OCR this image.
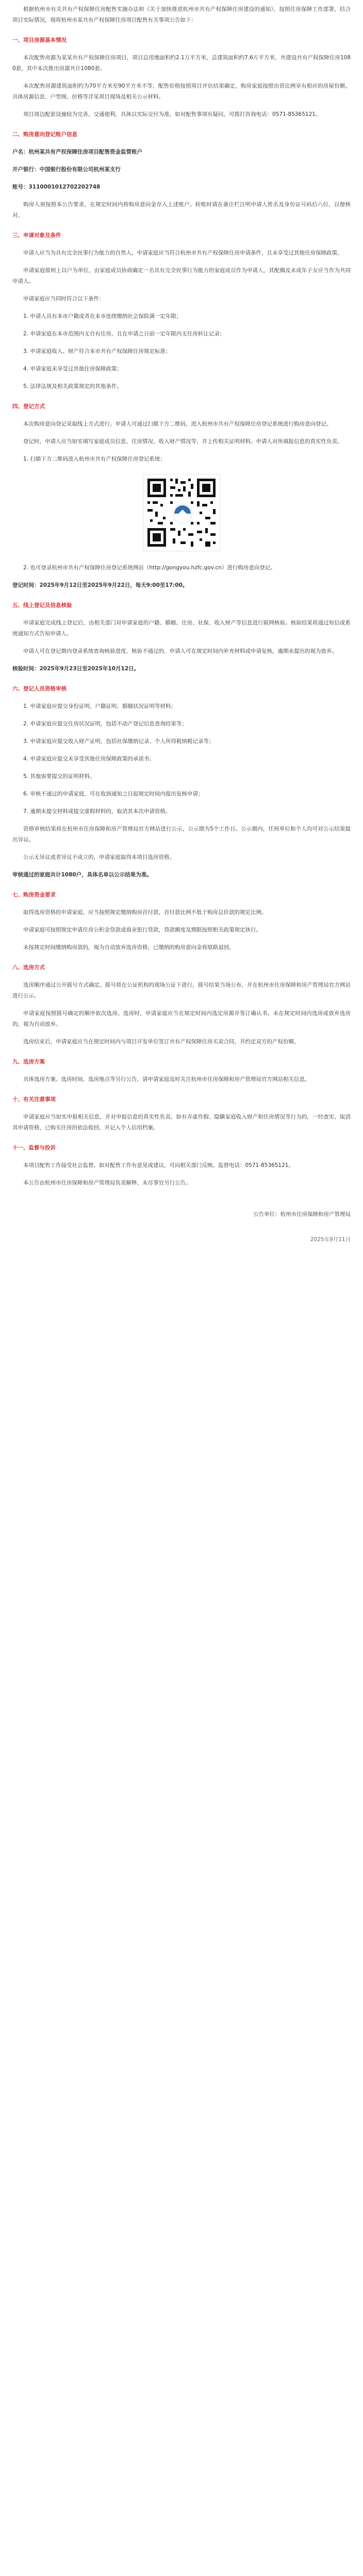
根据杭州市有关共有产权保障住房配售实施办法和《关于加快推进杭州市共有产权保障住房建设的通知》，按照住房保障工作部署，结合项目实际情况，现将杭州市某共有产权保障住房项目配售有关事项公告如下：

一、项目房源基本情况

本次配售房源为某某共有产权保障住房项目，项目总用地面积约2.1万平方米，总建筑面积约7.6万平方米，共建设共有产权保障住房1080套，其中本次推出房源共计1080套。

本次配售房源建筑面积约为70平方米至90平方米不等，配售价格按照项目评估结果确定，购房家庭按照出资比例享有相应的房屋份额。具体房源信息、户型图、价格等详见项目现场及相关公示材料。

项目周边配套设施较为完善，交通便利，具体以实际交付为准。如对配售事项有疑问，可拨打咨询电话：0571-85365121。

二、购房意向登记账户信息
户名：杭州某共有产权保障住房项目配售资金监管账户
开户银行：中国银行股份有限公司杭州某支行
账号：3110001012702202748

购房人须按照本公告要求，在规定时间内将购房意向金存入上述账户。转账时请在备注栏注明申请人姓名及身份证号码后六位，以便核对。

三、申请对象及条件

申请人应当为具有完全民事行为能力的自然人，申请家庭应当符合杭州市共有产权保障住房申请条件，且未享受过其他住房保障政策。

申请家庭原则上以户为单位，由家庭成员协商确定一名具有完全民事行为能力的家庭成员作为申请人，其配偶及未成年子女应当作为共同申请人。

申请家庭应当同时符合以下条件：

1. 申请人具有本市户籍或者在本市连续缴纳社会保险满一定年限；

2. 申请家庭在本市范围内无自有住房，且在申请之日前一定年限内无住房转让记录；

3. 申请家庭收入、财产符合本市共有产权保障住房规定标准；

4. 申请家庭未享受过其他住房保障政策；

5. 法律法规及相关政策规定的其他条件。

四、登记方式

本次购房意向登记采取线上方式进行。申请人可通过扫描下方二维码，进入杭州市共有产权保障住房登记系统进行购房意向登记。

登记时，申请人应当如实填写家庭成员信息、住房情况、收入财产情况等，并上传相关证明材料。申请人对所填报信息的真实性负责。

1. 扫描下方二维码进入杭州市共有产权保障住房登记系统：

2. 也可登录杭州市共有产权保障住房登记系统网站（http://gongyou.hzfc.gov.cn）进行购房意向登记。

登记时间：2025年9月12日至2025年9月22日，每天9:00至17:00。
五、线上登记及信息核验

申请家庭完成线上登记后，由相关部门对申请家庭的户籍、婚姻、住房、社保、收入财产等信息进行联网核验。核验结果将通过短信或系统通知方式告知申请人。

申请人可在登记期内登录系统查询核验进度，核验不通过的，申请人可在规定时间内补充材料或申请复核，逾期未提出的视为放弃。

核验时间：2025年9月23日至2025年10月12日。
六、登记人员资格审核

1. 申请家庭应提交身份证明、户籍证明、婚姻状况证明等材料；

2. 申请家庭应提交住房状况证明，包括不动产登记信息查询结果等；

3. 申请家庭应提交收入财产证明，包括社保缴纳记录、个人所得税纳税记录等；

4. 申请家庭应提交未享受其他住房保障政策的承诺书；

5. 其他需要提交的证明材料。

6. 审核不通过的申请家庭，可在收到通知之日起规定时间内提出复核申请；

7. 逾期未提交材料或提交虚假材料的，取消其本次申请资格。

资格审核结果将在杭州市住房保障和房产管理局官方网站进行公示，公示期为5个工作日。公示期内，任何单位和个人均可对公示结果提出异议。

公示无异议或者异议不成立的，申请家庭取得本项目选房资格。

审核通过的家庭共计1080户，具体名单以公示结果为准。
七、购房资金要求

取得选房资格的申请家庭，应当按照规定缴纳购房首付款，首付款比例不低于购房总价款的规定比例。

申请家庭可按照规定申请住房公积金贷款或商业银行贷款，贷款额度及期限按照相关政策规定执行。

未按规定时间缴纳购房款的，视为自动放弃选房资格，已缴纳的购房意向金将原路退回。

八、选房方式

选房顺序通过公开摇号方式确定。摇号将在公证机构的现场公证下进行，摇号结果当场公布，并在杭州市住房保障和房产管理局官方网站进行公示。

申请家庭按照摇号确定的顺序依次选房。选房时，申请家庭应当在规定时间内选定房源并签订确认书。未在规定时间内选房或放弃选房的，视为自动放弃。

选房结束后，申请家庭应当在规定时间内与项目开发单位签订共有产权保障住房买卖合同，并约定双方的产权份额。

九、选房方案

具体选房方案、选房时间、选房地点等另行公告，请申请家庭及时关注杭州市住房保障和房产管理局官方网站相关信息。

十、有关注意事项

申请家庭应当如实申报相关信息，并对申报信息的真实性负责。如有弄虚作假、隐瞒家庭收入财产和住房情况等行为的，一经查实，取消其申请资格，已购买住房的依法收回，并记入个人信用档案。

十一、监督与投诉

本项目配售工作接受社会监督。如对配售工作有意见或建议，可向相关部门反映。监督电话：0571-85365121。

本公告由杭州市住房保障和房产管理局负责解释，未尽事宜另行公告。

公告单位：杭州市住房保障和房产管理局
2025年9月11日
